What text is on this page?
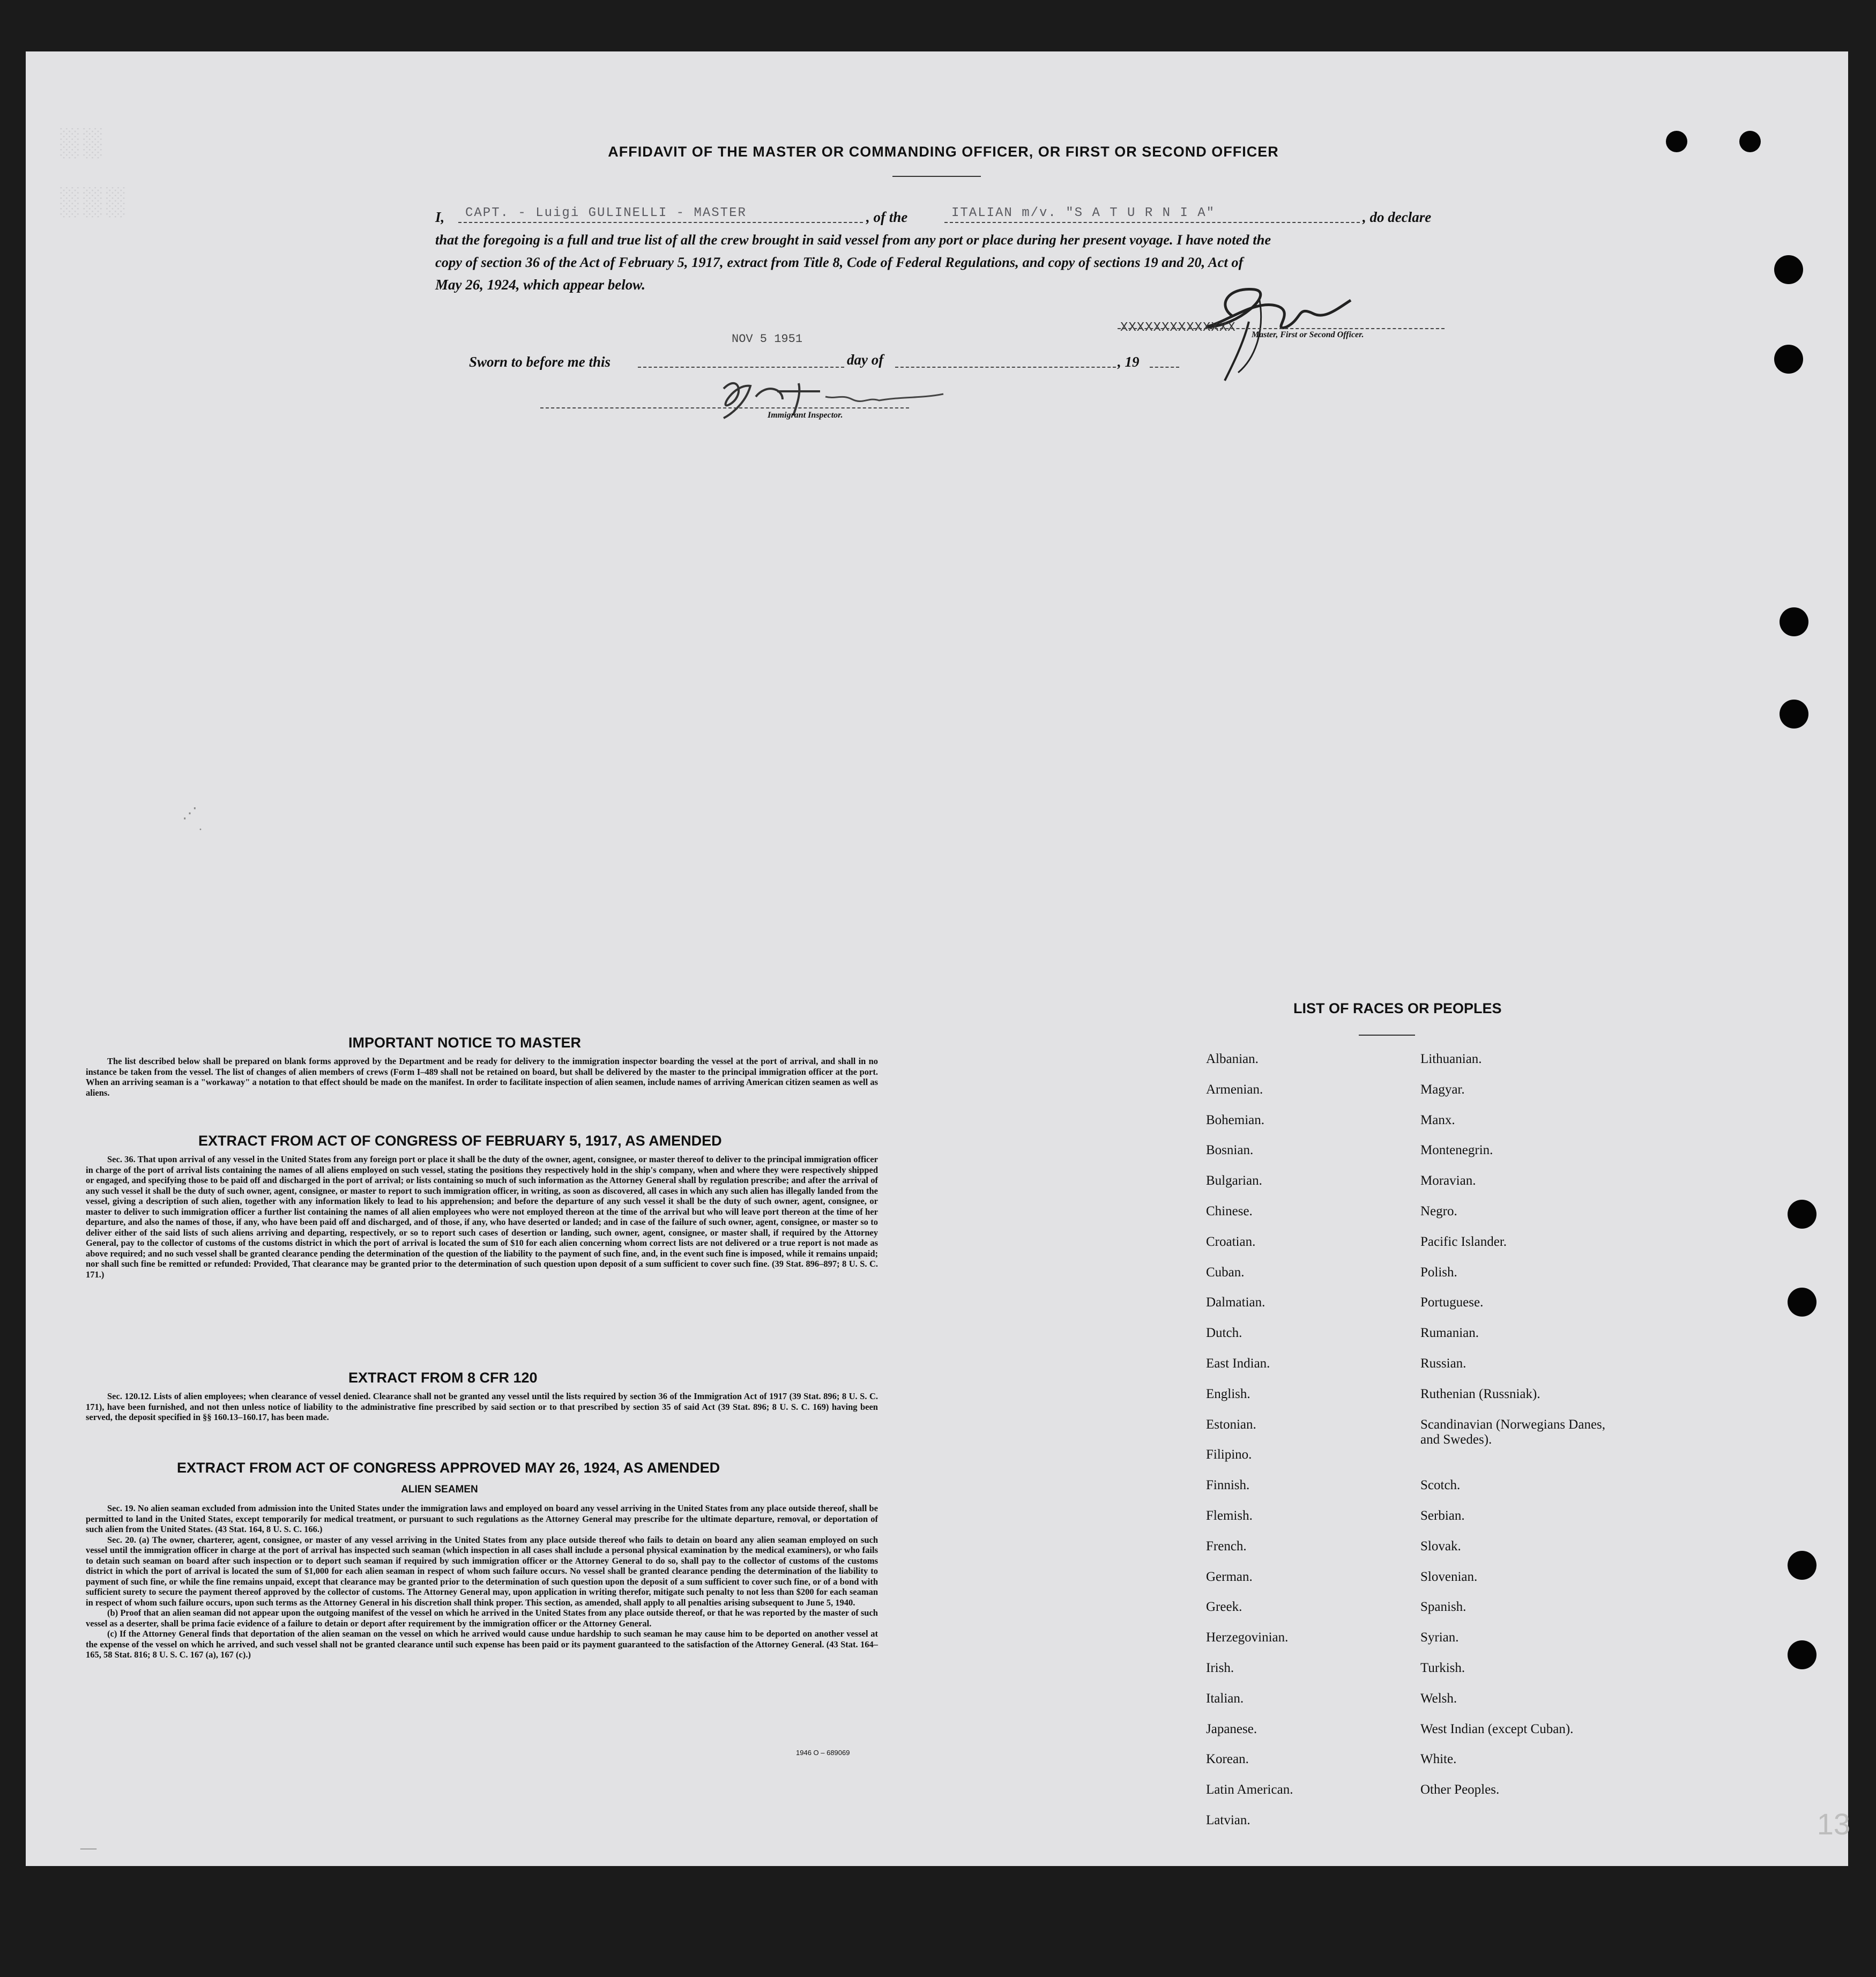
░░
░░░
AFFIDAVIT OF THE MASTER OR COMMANDING OFFICER, OR FIRST OR SECOND OFFICER
I, CAPT. - Luigi GULINELLI - MASTER	, of the	ITALIAN m/v. "S A T U R N I A"	, do declare
that the foregoing is a full and true list of all the crew brought in said vessel from any port or place during her present voyage. I have noted the
copy of section 36 of the Act of February 5, 1917, extract from Title 8, Code of Federal Regulations, and copy of sections 19 and 20, Act of
May 26, 1924, which appear below.
XXXXXXXXXXXXXX Master, First or Second Officer.
Sworn to before me this
NOV 5 1951
day of	, 19
Immigrant Inspector.
⋰
·
IMPORTANT NOTICE TO MASTER

The list described below shall be prepared on blank forms approved by the Department and be ready for delivery to the immigration inspector boarding the vessel at the port of arrival, and shall in no instance be taken from the vessel. The list of changes of alien members of crews (Form I–489 shall not be retained on board, but shall be delivered by the master to the principal immigration officer at the port. When an arriving seaman is a "workaway" a notation to that effect should be made on the manifest. In order to facilitate inspection of alien seamen, include names of arriving American citizen seamen as well as aliens.

EXTRACT FROM ACT OF CONGRESS OF FEBRUARY 5, 1917, AS AMENDED

Sec. 36. That upon arrival of any vessel in the United States from any foreign port or place it shall be the duty of the owner, agent, consignee, or master thereof to deliver to the principal immigration officer in charge of the port of arrival lists containing the names of all aliens employed on such vessel, stating the positions they respectively hold in the ship's company, when and where they were respectively shipped or engaged, and specifying those to be paid off and discharged in the port of arrival; or lists containing so much of such information as the Attorney General shall by regulation prescribe; and after the arrival of any such vessel it shall be the duty of such owner, agent, consignee, or master to report to such immigration officer, in writing, as soon as discovered, all cases in which any such alien has illegally landed from the vessel, giving a description of such alien, together with any information likely to lead to his apprehension; and before the departure of any such vessel it shall be the duty of such owner, agent, consignee, or master to deliver to such immigration officer a further list containing the names of all alien employees who were not employed thereon at the time of the arrival but who will leave port thereon at the time of her departure, and also the names of those, if any, who have been paid off and discharged, and of those, if any, who have deserted or landed; and in case of the failure of such owner, agent, consignee, or master so to deliver either of the said lists of such aliens arriving and departing, respectively, or so to report such cases of desertion or landing, such owner, agent, consignee, or master shall, if required by the Attorney General, pay to the collector of customs of the customs district in which the port of arrival is located the sum of $10 for each alien concerning whom correct lists are not delivered or a true report is not made as above required; and no such vessel shall be granted clearance pending the determination of the question of the liability to the payment of such fine, and, in the event such fine is imposed, while it remains unpaid; nor shall such fine be remitted or refunded: Provided, That clearance may be granted prior to the determination of such question upon deposit of a sum sufficient to cover such fine. (39 Stat. 896–897; 8 U. S. C. 171.)

EXTRACT FROM 8 CFR 120

Sec. 120.12. Lists of alien employees; when clearance of vessel denied. Clearance shall not be granted any vessel until the lists required by section 36 of the Immigration Act of 1917 (39 Stat. 896; 8 U. S. C. 171), have been furnished, and not then unless notice of liability to the administrative fine prescribed by said section or to that prescribed by section 35 of said Act (39 Stat. 896; 8 U. S. C. 169) having been served, the deposit specified in §§ 160.13–160.17, has been made.

EXTRACT FROM ACT OF CONGRESS APPROVED MAY 26, 1924, AS AMENDED
ALIEN SEAMEN

Sec. 19. No alien seaman excluded from admission into the United States under the immigration laws and employed on board any vessel arriving in the United States from any place outside thereof, shall be permitted to land in the United States, except temporarily for medical treatment, or pursuant to such regulations as the Attorney General may prescribe for the ultimate departure, removal, or deportation of such alien from the United States. (43 Stat. 164, 8 U. S. C. 166.)

Sec. 20. (a) The owner, charterer, agent, consignee, or master of any vessel arriving in the United States from any place outside thereof who fails to detain on board any alien seaman employed on such vessel until the immigration officer in charge at the port of arrival has inspected such seaman (which inspection in all cases shall include a personal physical examination by the medical examiners), or who fails to detain such seaman on board after such inspection or to deport such seaman if required by such immigration officer or the Attorney General to do so, shall pay to the collector of customs of the customs district in which the port of arrival is located the sum of $1,000 for each alien seaman in respect of whom such failure occurs. No vessel shall be granted clearance pending the determination of the liability to payment of such fine, or while the fine remains unpaid, except that clearance may be granted prior to the determination of such question upon the deposit of a sum sufficient to cover such fine, or of a bond with sufficient surety to secure the payment thereof approved by the collector of customs. The Attorney General may, upon application in writing therefor, mitigate such penalty to not less than $200 for each seaman in respect of whom such failure occurs, upon such terms as the Attorney General in his discretion shall think proper. This section, as amended, shall apply to all penalties arising subsequent to June 5, 1940.

(b) Proof that an alien seaman did not appear upon the outgoing manifest of the vessel on which he arrived in the United States from any place outside thereof, or that he was reported by the master of such vessel as a deserter, shall be prima facie evidence of a failure to detain or deport after requirement by the immigration officer or the Attorney General.

(c) If the Attorney General finds that deportation of the alien seaman on the vessel on which he arrived would cause undue hardship to such seaman he may cause him to be deported on another vessel at the expense of the vessel on which he arrived, and such vessel shall not be granted clearance until such expense has been paid or its payment guaranteed to the satisfaction of the Attorney General. (43 Stat. 164–165, 58 Stat. 816; 8 U. S. C. 167 (a), 167 (c).)

1946 O – 689069
LIST OF RACES OR PEOPLES
Albanian.
Armenian.
Bohemian.
Bosnian.
Bulgarian.
Chinese.
Croatian.
Cuban.
Dalmatian.
Dutch.
East Indian.
English.
Estonian.
Filipino.
Finnish.
Flemish.
French.
German.
Greek.
Herzegovinian.
Irish.
Italian.
Japanese.
Korean.
Latin American.
Latvian.
Lithuanian.
Magyar.
Manx.
Montenegrin.
Moravian.
Negro.
Pacific Islander.
Polish.
Portuguese.
Rumanian.
Russian.
Ruthenian (Russniak).
Scandinavian (Norwegians Danes, and Swedes).
Scotch.
Serbian.
Slovak.
Slovenian.
Spanish.
Syrian.
Turkish.
Welsh.
West Indian (except Cuban).
White.
Other Peoples.
13
—
